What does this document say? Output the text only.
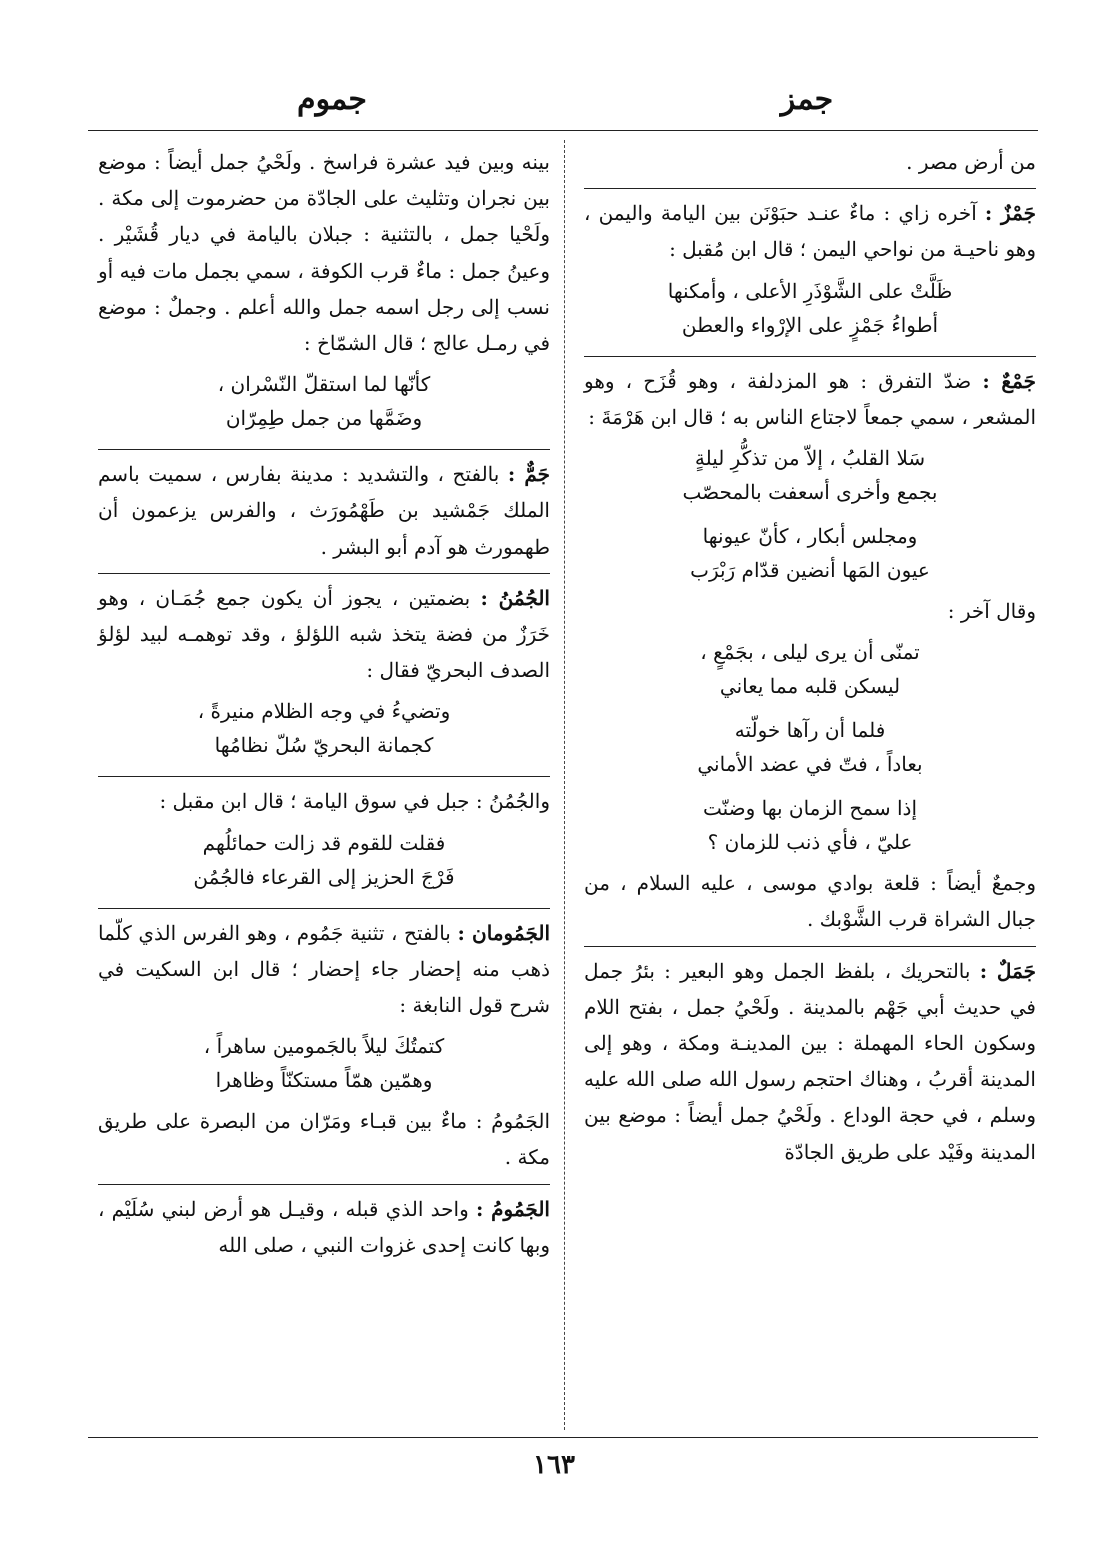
جمز
جموم
من أرض مصر .
جَمْزٌ : آخره زاي : ماءٌ عنـد حبَوْنَن بين اليامة واليمن ، وهو ناحيـة من نواحي اليمن ؛ قال ابن مُقبل :
ظَلَّتْ على الشَّوْذَرِ الأعلى ، وأمكنها
أطواءُ جَمْزٍ على الإرْواء والعطن
جَمْعٌ : ضدّ التفرق : هو المزدلفة ، وهو قُزَح ، وهو المشعر ، سمي جمعاً لاجتاع الناس به ؛ قال ابن هَرْمَةَ :
سَلا القلبُ ، إلاّ من تذكُّرِ ليلةٍ
بجمع وأخرى أسعفت بالمحصّب
ومجلس أبكار ، كأنّ عيونها
عيون المَها أنضين قدّام رَبْرَب
وقال آخر :
تمنّى أن يرى ليلى ، بجَمْعٍ ،
ليسكن قلبه مما يعاني
فلما أن رآها خولّته
بعاداً ، فتّ في عضد الأماني
إذا سمح الزمان بها وضنّت
عليّ ، فأي ذنب للزمان ؟
وجمعٌ أيضاً : قلعة بوادي موسى ، عليه السلام ، من جبال الشراة قرب الشَّوْبك .
جَمَلٌ : بالتحريك ، بلفظ الجمل وهو البعير : بئرُ جمل في حديث أبي جَهْم بالمدينة . ولَحْيُ جمل ، بفتح اللام وسكون الحاء المهملة : بين المدينـة ومكة ، وهو إلى المدينة أقربُ ، وهناك احتجم رسول الله صلى الله عليه وسلم ، في حجة الوداع . ولَحْيُ جمل أيضاً : موضع بين المدينة وفَيْد على طريق الجادّة
بينه وبين فيد عشرة فراسخ . ولَحْيُ جمل أيضاً : موضع بين نجران وتثليث على الجادّة من حضرموت إلى مكة . ولَحْيا جمل ، بالتثنية : جبلان باليامة في ديار قُشَيْر . وعينُ جمل : ماءٌ قرب الكوفة ، سمي بجمل مات فيه أو نسب إلى رجل اسمه جمل والله أعلم . وجملٌ : موضع في رمـل عالج ؛ قال الشمّاخ :
كأنّها لما استقلّ النّسْران ،
وضَمَّها من جمل طِمِرّان
جَمٌّ : بالفتح ، والتشديد : مدينة بفارس ، سميت باسم الملك جَمْشيد بن طَهْمُورَث ، والفرس يزعمون أن طهمورث هو آدم أبو البشر .
الجُمُنُ : بضمتين ، يجوز أن يكون جمع جُمَـان ، وهو خَرَزٌ من فضة يتخذ شبه اللؤلؤ ، وقد توهمـه لبيد لؤلؤ الصدف البحريّ فقال :
وتضيءُ في وجه الظلام منيرةً ،
كجمانة البحريّ سُلّ نظامُها
والجُمُنُ : جبل في سوق اليامة ؛ قال ابن مقبل :
فقلت للقوم قد زالت حمائلُهم
فَرْجَ الحزيز إلى القرعاء فالجُمُن
الجَمُومان : بالفتح ، تثنية جَمُوم ، وهو الفرس الذي كلّما ذهب منه إحضار جاء إحضار ؛ قال ابن السكيت في شرح قول النابغة :
كتمتُكَ ليلاً بالجَمومين ساهراً ،
وهمّين همّاً مستكنّاً وظاهرا
الجَمُومُ : ماءٌ بين قبـاء ومَرّان من البصرة على طريق مكة .
الجَمُومُ : واحد الذي قبله ، وقيـل هو أرض لبني سُلَيْم ، وبها كانت إحدى غزوات النبي ، صلى الله
١٦٣
